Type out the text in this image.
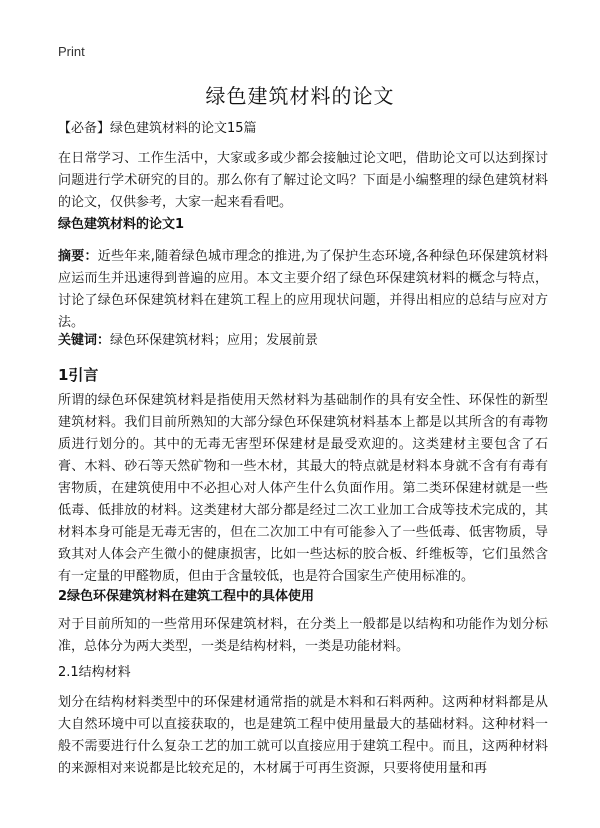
Print
绿色建筑材料的论文

【必备】绿色建筑材料的论文15篇

在日常学习、工作生活中，大家或多或少都会接触过论文吧，借助论文可以达到探讨问题进行学术研究的目的。那么你有了解过论文吗？下面是小编整理的绿色建筑材料的论文，仅供参考，大家一起来看看吧。

绿色建筑材料的论文1

摘要：近些年来,随着绿色城市理念的推进,为了保护生态环境,各种绿色环保建筑材料应运而生并迅速得到普遍的应用。本文主要介绍了绿色环保建筑材料的概念与特点，讨论了绿色环保建筑材料在建筑工程上的应用现状问题，并得出相应的总结与应对方法。

关键词：绿色环保建筑材料；应用；发展前景

1引言

所谓的绿色环保建筑材料是指使用天然材料为基础制作的具有安全性、环保性的新型建筑材料。我们目前所熟知的大部分绿色环保建筑材料基本上都是以其所含的有毒物质进行划分的。其中的无毒无害型环保建材是最受欢迎的。这类建材主要包含了石膏、木料、砂石等天然矿物和一些木材，其最大的特点就是材料本身就不含有有毒有害物质，在建筑使用中不必担心对人体产生什么负面作用。第二类环保建材就是一些低毒、低排放的材料。这类建材大部分都是经过二次工业加工合成等技术完成的，其材料本身可能是无毒无害的，但在二次加工中有可能参入了一些低毒、低害物质，导致其对人体会产生微小的健康损害，比如一些达标的胶合板、纤维板等，它们虽然含有一定量的甲醛物质，但由于含量较低，也是符合国家生产使用标准的。

2绿色环保建筑材料在建筑工程中的具体使用

对于目前所知的一些常用环保建筑材料，在分类上一般都是以结构和功能作为划分标准，总体分为两大类型，一类是结构材料，一类是功能材料。

2.1结构材料

划分在结构材料类型中的环保建材通常指的就是木料和石料两种。这两种材料都是从大自然环境中可以直接获取的，也是建筑工程中使用量最大的基础材料。这种材料一般不需要进行什么复杂工艺的加工就可以直接应用于建筑工程中。而且，这两种材料的来源相对来说都是比较充足的，木材属于可再生资源，只要将使用量和再
